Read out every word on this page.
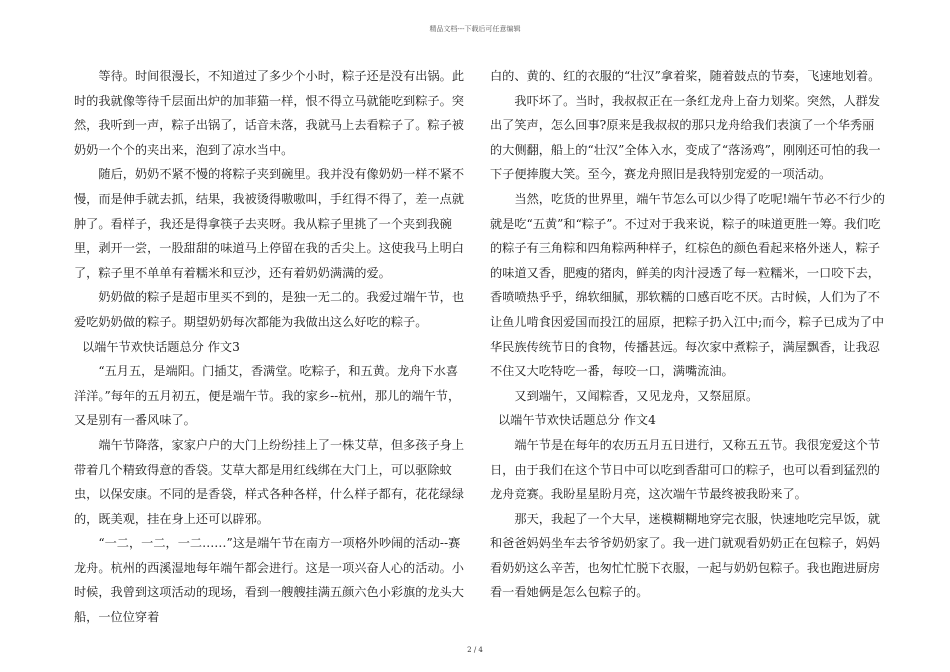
精品文档---下载后可任意编辑

等待。时间很漫长，不知道过了多少个小时，粽子还是没有出锅。此时的我就像等待千层面出炉的加菲猫一样，恨不得立马就能吃到粽子。突然，我听到一声，粽子出锅了，话音未落，我就马上去看粽子了。粽子被奶奶一个个的夹出来，泡到了凉水当中。

随后，奶奶不紧不慢的将粽子夹到碗里。我并没有像奶奶一样不紧不慢，而是伸手就去抓，结果，我被烫得嗷嗷叫，手红得不得了，差一点就肿了。看样子，我还是得拿筷子去夹呀。我从粽子里挑了一个夹到我碗里，剥开一尝，一股甜甜的味道马上停留在我的舌尖上。这使我马上明白了，粽子里不单单有着糯米和豆沙，还有着奶奶满满的爱。

奶奶做的粽子是超市里买不到的，是独一无二的。我爱过端午节，也爱吃奶奶做的粽子。期望奶奶每次都能为我做出这么好吃的粽子。

以端午节欢快话题总分 作文3

“五月五，是端阳。门插艾，香满堂。吃粽子，和五黄。龙舟下水喜洋洋。”每年的五月初五，便是端午节。我的家乡--杭州，那儿的端午节，又是别有一番风味了。

端午节降落，家家户户的大门上纷纷挂上了一株艾草，但多孩子身上带着几个精致得意的香袋。艾草大都是用红线绑在大门上，可以驱除蚊虫，以保安康。不同的是香袋，样式各种各样，什么样子都有，花花绿绿的，既美观，挂在身上还可以辟邪。

“一二，一二，一二……”这是端午节在南方一项格外吵闹的活动--赛龙舟。杭州的西溪湿地每年端午都会进行。这是一项兴奋人心的活动。小时候，我曾到这项活动的现场，看到一艘艘挂满五颜六色小彩旗的龙头大船，一位位穿着

白的、黄的、红的衣服的“壮汉”拿着桨，随着鼓点的节奏，飞速地划着。

我吓坏了。当时，我叔叔正在一条红龙舟上奋力划桨。突然，人群发出了笑声，怎么回事?原来是我叔叔的那只龙舟给我们表演了一个华秀丽的大侧翻，船上的“壮汉”全体入水，变成了“落汤鸡”，刚刚还可怕的我一下子便捧腹大笑。至今，赛龙舟照旧是我特别宠爱的一项活动。

当然，吃货的世界里，端午节怎么可以少得了吃呢!端午节必不行少的就是吃“五黄”和“粽子”。不过对于我来说，粽子的味道更胜一筹。我们吃的粽子有三角粽和四角粽两种样子，红棕色的颜色看起来格外迷人，粽子的味道又香，肥瘦的猪肉，鲜美的肉汁浸透了每一粒糯米，一口咬下去，香喷喷热乎乎，绵软细腻，那软糯的口感百吃不厌。古时候，人们为了不让鱼儿啃食因爱国而投江的屈原，把粽子扔入江中;而今，粽子已成为了中华民族传统节日的食物，传播甚远。每次家中煮粽子，满屋飘香，让我忍不住又大吃特吃一番，每咬一口，满嘴流油。

又到端午，又闻粽香，又见龙舟，又祭屈原。

以端午节欢快话题总分 作文4

端午节是在每年的农历五月五日进行，又称五五节。我很宠爱这个节日，由于我们在这个节日中可以吃到香甜可口的粽子，也可以看到猛烈的龙舟竞赛。我盼星星盼月亮，这次端午节最终被我盼来了。

那天，我起了一个大早，迷模糊糊地穿完衣服，快速地吃完早饭，就和爸爸妈妈坐车去爷爷奶奶家了。我一进门就观看奶奶正在包粽子，妈妈看奶奶这么辛苦，也匆忙忙脱下衣服，一起与奶奶包粽子。我也跑进厨房看一看她俩是怎么包粽子的。

2 / 4
